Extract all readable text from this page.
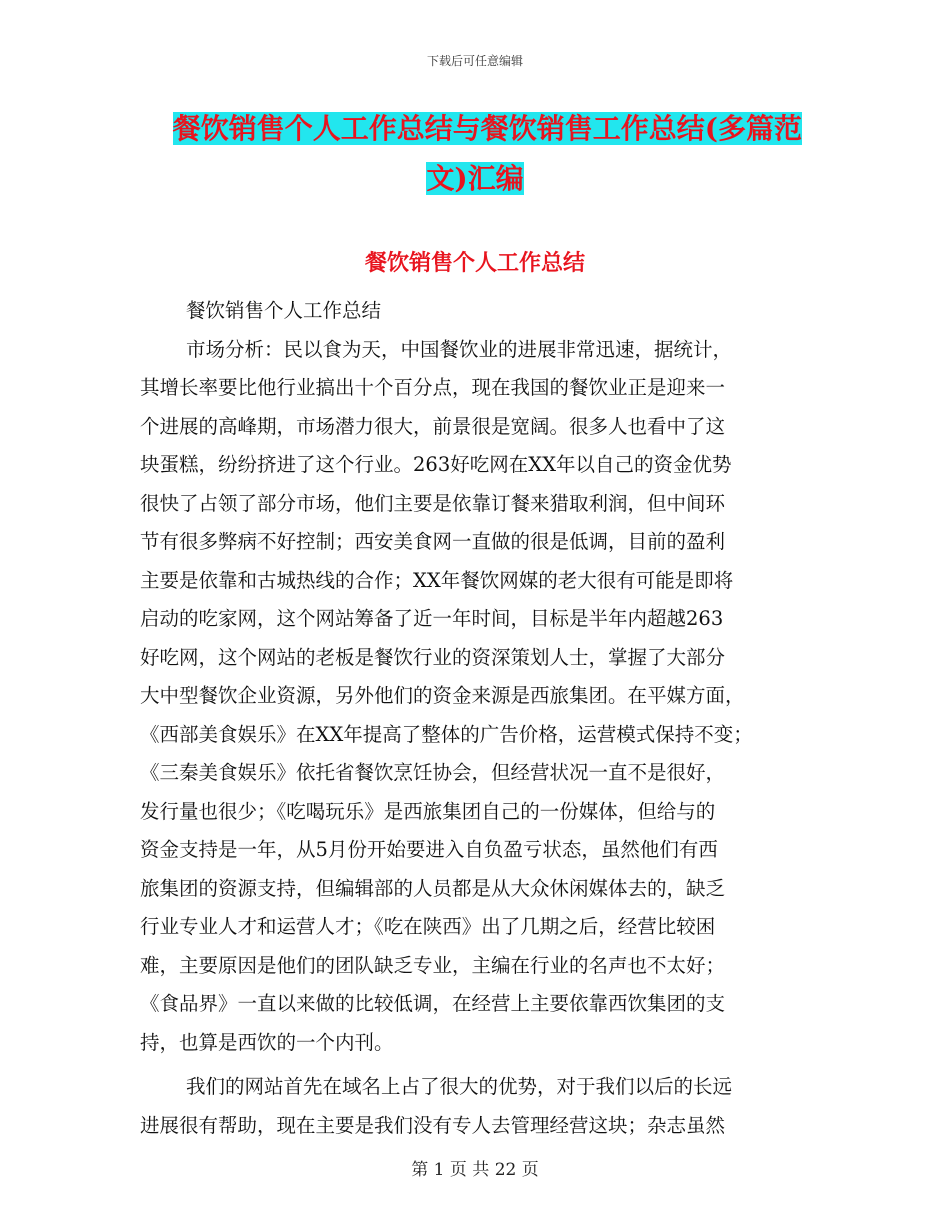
下载后可任意编辑
餐饮销售个人工作总结与餐饮销售工作总结(多篇范
文)汇编
餐饮销售个人工作总结

餐饮销售个人工作总结

市场分析：民以食为天，中国餐饮业的进展非常迅速，据统计，

其增长率要比他行业搞出十个百分点，现在我国的餐饮业正是迎来一

个进展的高峰期，市场潜力很大，前景很是宽阔。很多人也看中了这

块蛋糕，纷纷挤进了这个行业。263好吃网在XX年以自己的资金优势

很快了占领了部分市场，他们主要是依靠订餐来猎取利润，但中间环

节有很多弊病不好控制；西安美食网一直做的很是低调，目前的盈利

主要是依靠和古城热线的合作；XX年餐饮网媒的老大很有可能是即将

启动的吃家网，这个网站筹备了近一年时间，目标是半年内超越263

好吃网，这个网站的老板是餐饮行业的资深策划人士，掌握了大部分

大中型餐饮企业资源，另外他们的资金来源是西旅集团。在平媒方面，

《西部美食娱乐》在XX年提高了整体的广告价格，运营模式保持不变；

《三秦美食娱乐》依托省餐饮烹饪协会，但经营状况一直不是很好，

发行量也很少；《吃喝玩乐》是西旅集团自己的一份媒体，但给与的

资金支持是一年，从5月份开始要进入自负盈亏状态，虽然他们有西

旅集团的资源支持，但编辑部的人员都是从大众休闲媒体去的，缺乏

行业专业人才和运营人才；《吃在陕西》出了几期之后，经营比较困

难，主要原因是他们的团队缺乏专业，主编在行业的名声也不太好；

《食品界》一直以来做的比较低调，在经营上主要依靠西饮集团的支

持，也算是西饮的一个内刊。

我们的网站首先在域名上占了很大的优势，对于我们以后的长远

进展很有帮助，现在主要是我们没有专人去管理经营这块；杂志虽然

第 1 页 共 22 页
